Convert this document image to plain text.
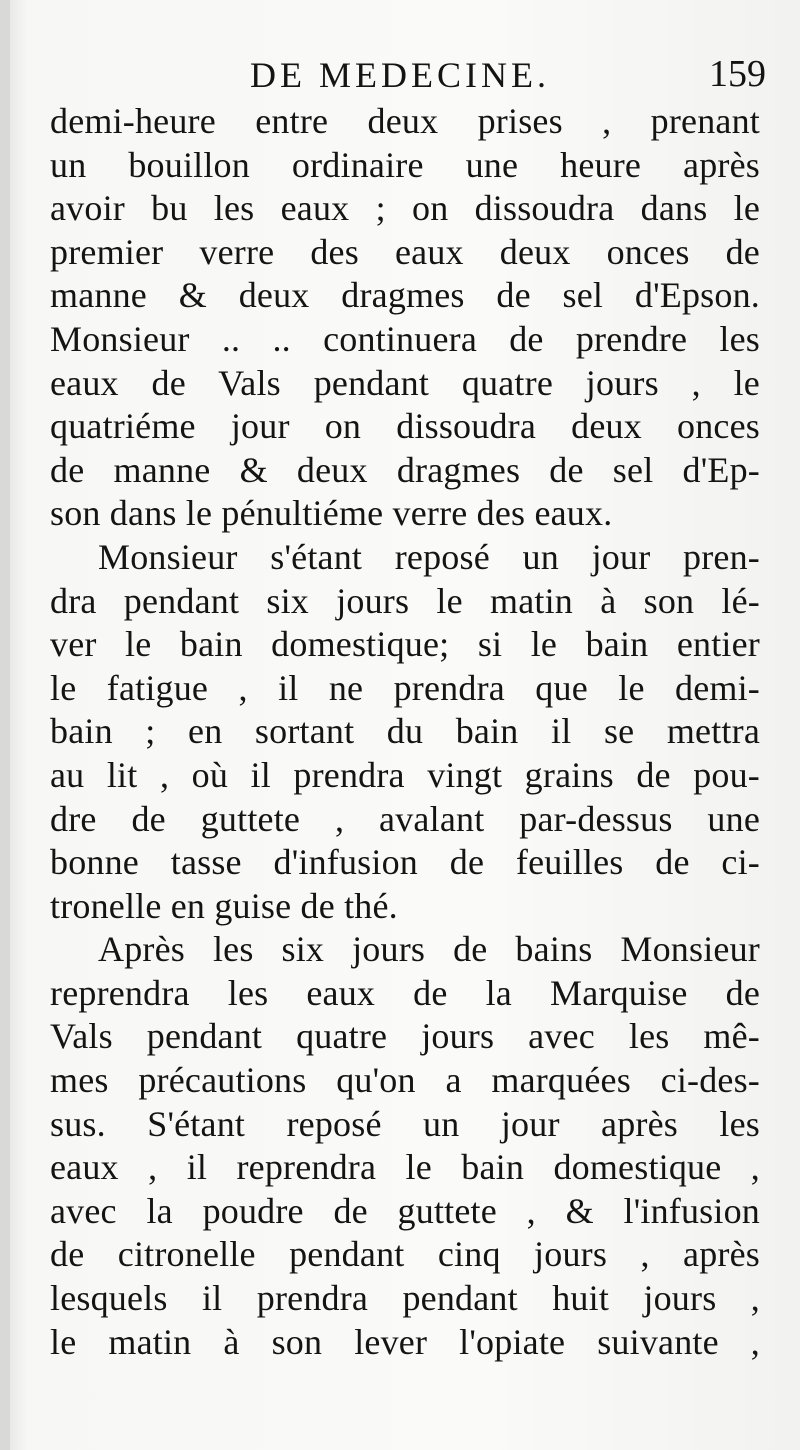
DE MEDECINE.	159
demi-heure entre deux prises , prenant
un bouillon ordinaire une heure après
avoir bu les eaux ; on dissoudra dans le
premier verre des eaux deux onces de
manne & deux dragmes de sel d'Epson.
Monsieur .. .. continuera de prendre les
eaux de Vals pendant quatre jours , le
quatriéme jour on dissoudra deux onces
de manne & deux dragmes de sel d'Ep-
son dans le pénultiéme verre des eaux.
Monsieur s'étant reposé un jour pren-
dra pendant six jours le matin à son lé-
ver le bain domestique; si le bain entier
le fatigue , il ne prendra que le demi-
bain ; en sortant du bain il se mettra
au lit , où il prendra vingt grains de pou-
dre de guttete , avalant par-dessus une
bonne tasse d'infusion de feuilles de ci-
tronelle en guise de thé.
Après les six jours de bains Monsieur
reprendra les eaux de la Marquise de
Vals pendant quatre jours avec les mê-
mes précautions qu'on a marquées ci-des-
sus. S'étant reposé un jour après les
eaux , il reprendra le bain domestique ,
avec la poudre de guttete , & l'infusion
de citronelle pendant cinq jours , après
lesquels il prendra pendant huit jours ,
le matin à son lever l'opiate suivante ,
